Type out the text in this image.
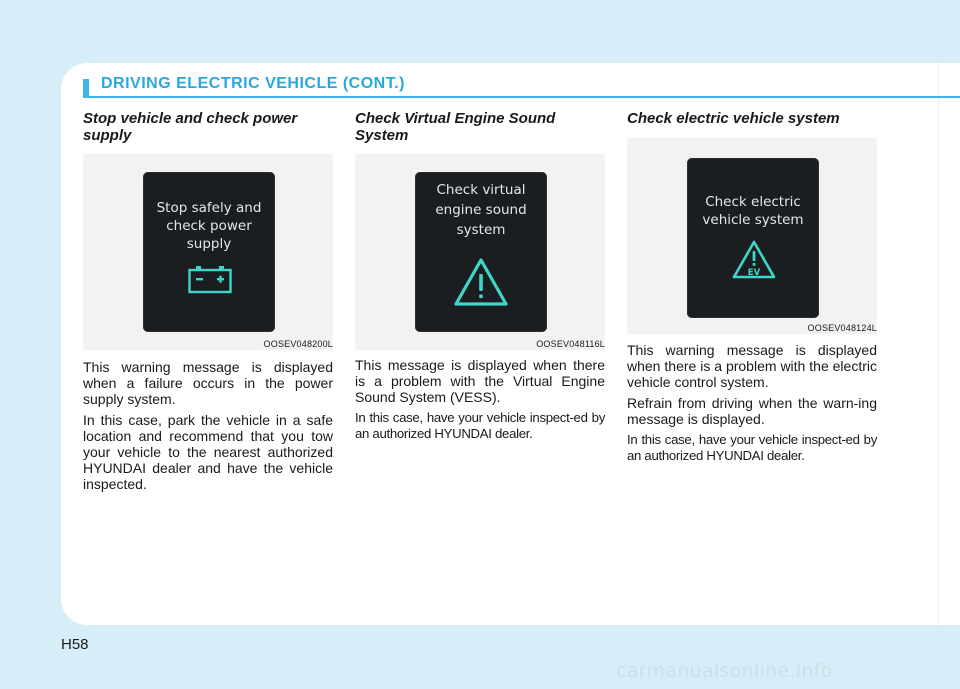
DRIVING ELECTRIC VEHICLE (CONT.)
Stop vehicle and check power supply
Stop safely and
check power
supply
OOSEV048200L

This warning message is displayed when a failure occurs in the power supply system.

In this case, park the vehicle in a safe location and recommend that you tow your vehicle to the nearest authorized HYUNDAI dealer and have the vehicle inspected.

Check Virtual Engine Sound System
Check virtual
engine sound
system
OOSEV048116L

This message is displayed when there is a problem with the Virtual Engine Sound System (VESS).

In this case, have your vehicle inspect-ed by an authorized HYUNDAI dealer.

Check electric vehicle system
Check electric
vehicle system
EV
OOSEV048124L

This warning message is displayed when there is a problem with the electric vehicle control system.

Refrain from driving when the warn-ing message is displayed.

In this case, have your vehicle inspect-ed by an authorized HYUNDAI dealer.

H58
carmanualsonline.info
